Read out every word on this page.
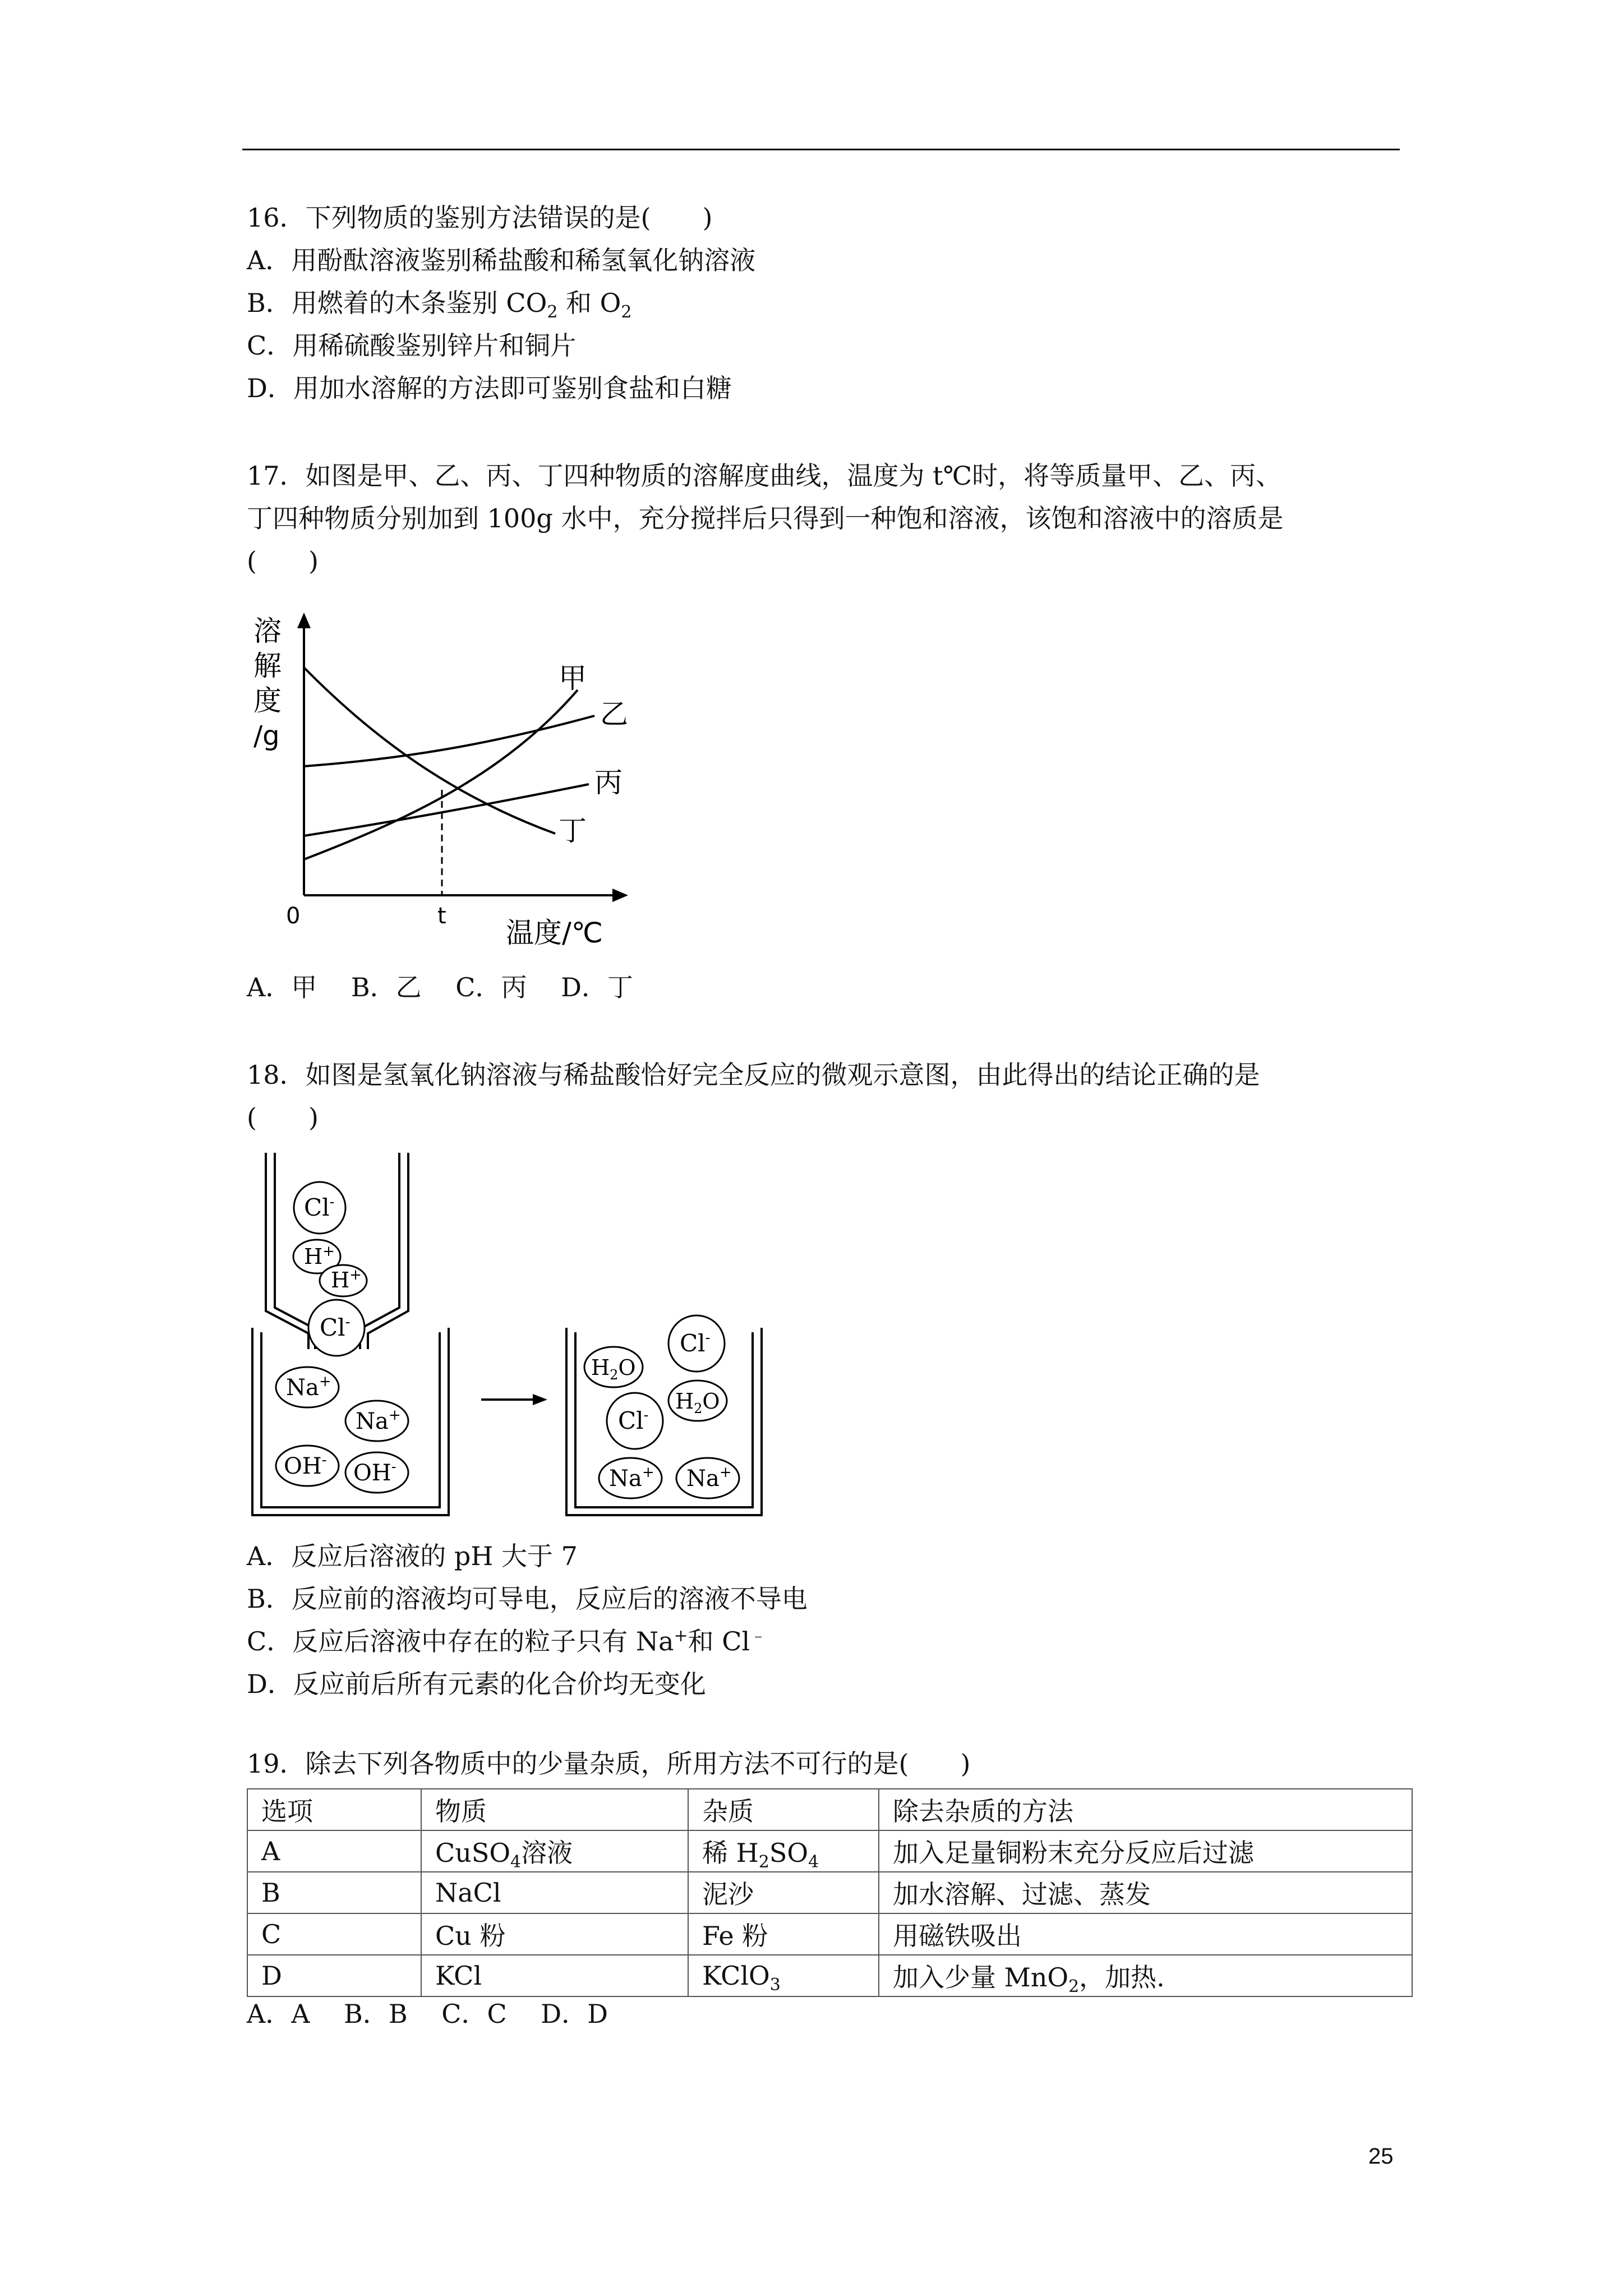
16．下列物质的鉴别方法错误的是(　　)
A．用酚酞溶液鉴别稀盐酸和稀氢氧化钠溶液
B．用燃着的木条鉴别 $CO_2$ 和 $O_2$
C．用稀硫酸鉴别锌片和铜片
D．用加水溶解的方法即可鉴别食盐和白糖
17．如图是甲、乙、丙、丁四种物质的溶解度曲线，温度为 t℃时，将等质量甲、乙、丙、
丁四种物质分别加到 100g 水中，充分搅拌后只得到一种饱和溶液，该饱和溶液中的溶质是
(　　)
溶
解
度
/g
0	t
温度/℃
甲
乙
丙
丁
A．甲　 B．乙　 C．丙　 D．丁
18．如图是氢氧化钠溶液与稀盐酸恰好完全反应的微观示意图，由此得出的结论正确的是
(　　)
Cl-
H+
H+
Cl-
Na+
Na+
OH- OH-
Cl-
$H_2O$
$H_2O$
Cl-
Na+ Na+
A．反应后溶液的 pH 大于 7
B．反应前的溶液均可导电，反应后的溶液不导电
C．反应后溶液中存在的粒子只有 Na+和 Cl﹣
D．反应前后所有元素的化合价均无变化
19．除去下列各物质中的少量杂质，所用方法不可行的是(　　)
选项	物质	杂质	除去杂质的方法
A	CuSO$_4$溶液	稀 $H_2SO_4$	加入足量铜粉末充分反应后过滤
B	NaCl	泥沙	加水溶解、过滤、蒸发
C	Cu 粉	Fe 粉	用磁铁吸出
D	KCl	KClO$_3$	加入少量 MnO$_2$，加热.
A．A　 B．B　 C．C　 D．D
25
